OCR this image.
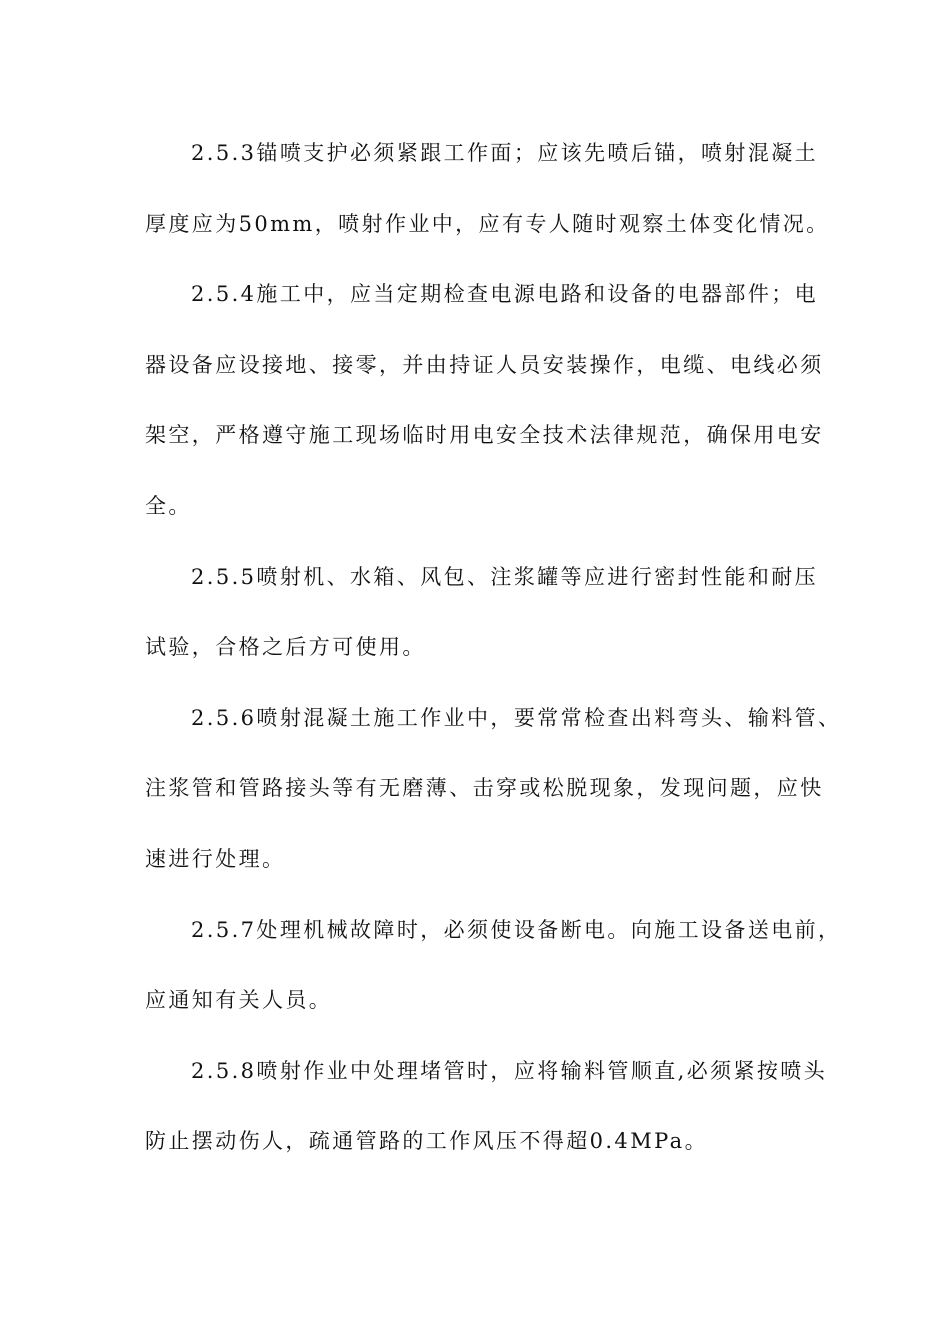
2.5.3锚喷支护必须紧跟工作面；应该先喷后锚，喷射混凝土
厚度应为50mm，喷射作业中，应有专人随时观察土体变化情况。
2.5.4施工中，应当定期检查电源电路和设备的电器部件；电
器设备应设接地、接零，并由持证人员安装操作，电缆、电线必须
架空，严格遵守施工现场临时用电安全技术法律规范，确保用电安
全。
2.5.5喷射机、水箱、风包、注浆罐等应进行密封性能和耐压
试验，合格之后方可使用。
2.5.6喷射混凝土施工作业中，要常常检查出料弯头、输料管、
注浆管和管路接头等有无磨薄、击穿或松脱现象，发现问题，应快
速进行处理。
2.5.7处理机械故障时，必须使设备断电。向施工设备送电前，
应通知有关人员。
2.5.8喷射作业中处理堵管时，应将输料管顺直,必须紧按喷头
防止摆动伤人，疏通管路的工作风压不得超0.4MPa。
